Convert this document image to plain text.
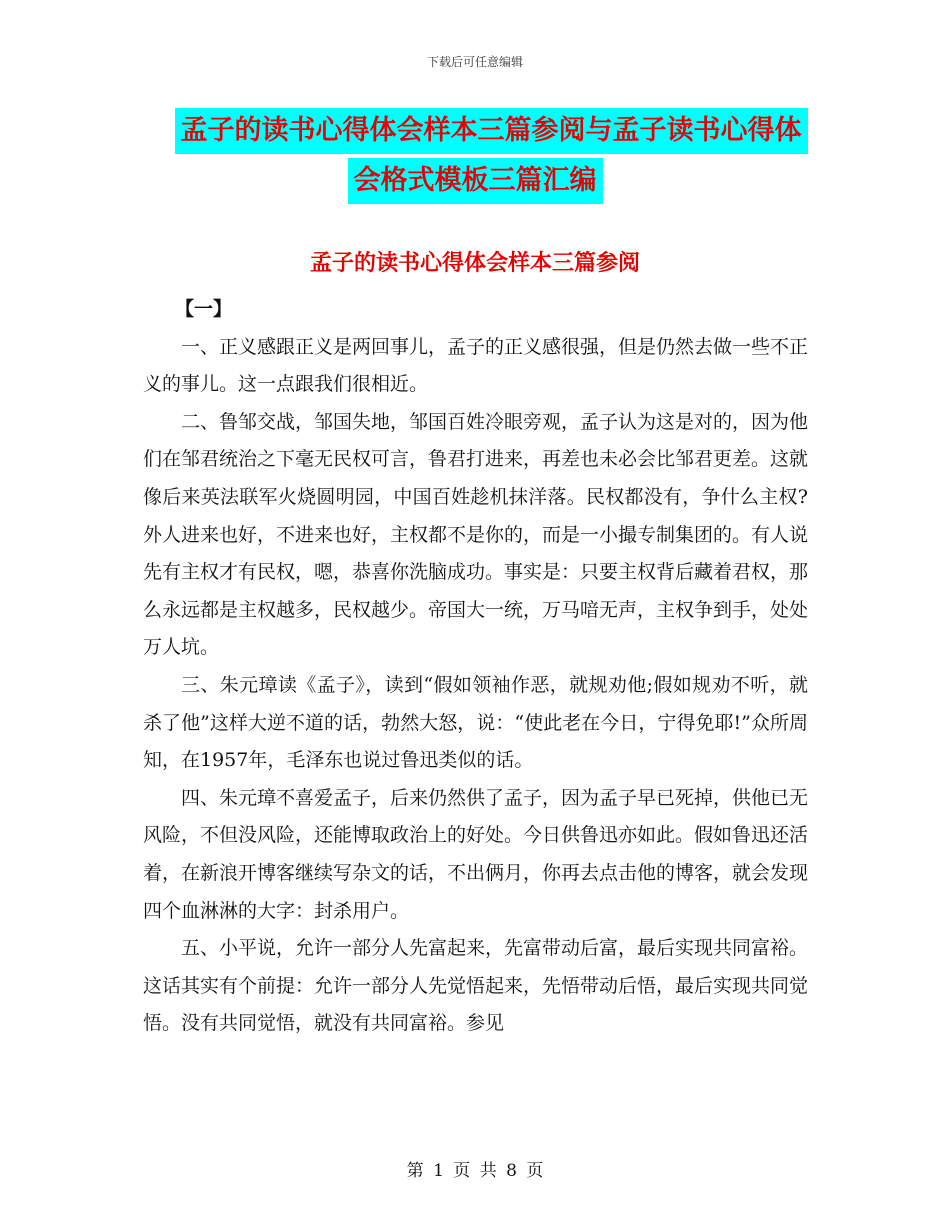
下载后可任意编辑
孟子的读书心得体会样本三篇参阅与孟子读书心得体
会格式模板三篇汇编
孟子的读书心得体会样本三篇参阅
【一】

一、正义感跟正义是两回事儿，孟子的正义感很强，但是仍然去做一些不正义的事儿。这一点跟我们很相近。

二、鲁邹交战，邹国失地，邹国百姓冷眼旁观，孟子认为这是对的，因为他们在邹君统治之下毫无民权可言，鲁君打进来，再差也未必会比邹君更差。这就像后来英法联军火烧圆明园，中国百姓趁机抹洋落。民权都没有，争什么主权?外人进来也好，不进来也好，主权都不是你的，而是一小撮专制集团的。有人说先有主权才有民权，嗯，恭喜你洗脑成功。事实是：只要主权背后藏着君权，那么永远都是主权越多，民权越少。帝国大一统，万马喑无声，主权争到手，处处万人坑。

三、朱元璋读《孟子》，读到“假如领袖作恶，就规劝他;假如规劝不听，就杀了他”这样大逆不道的话，勃然大怒，说：“使此老在今日，宁得免耶!”众所周知，在1957年，毛泽东也说过鲁迅类似的话。

四、朱元璋不喜爱孟子，后来仍然供了孟子，因为孟子早已死掉，供他已无风险，不但没风险，还能博取政治上的好处。今日供鲁迅亦如此。假如鲁迅还活着，在新浪开博客继续写杂文的话，不出俩月，你再去点击他的博客，就会发现四个血淋淋的大字：封杀用户。

五、小平说，允许一部分人先富起来，先富带动后富，最后实现共同富裕。这话其实有个前提：允许一部分人先觉悟起来，先悟带动后悟，最后实现共同觉悟。没有共同觉悟，就没有共同富裕。参见

第 1 页 共 8 页
